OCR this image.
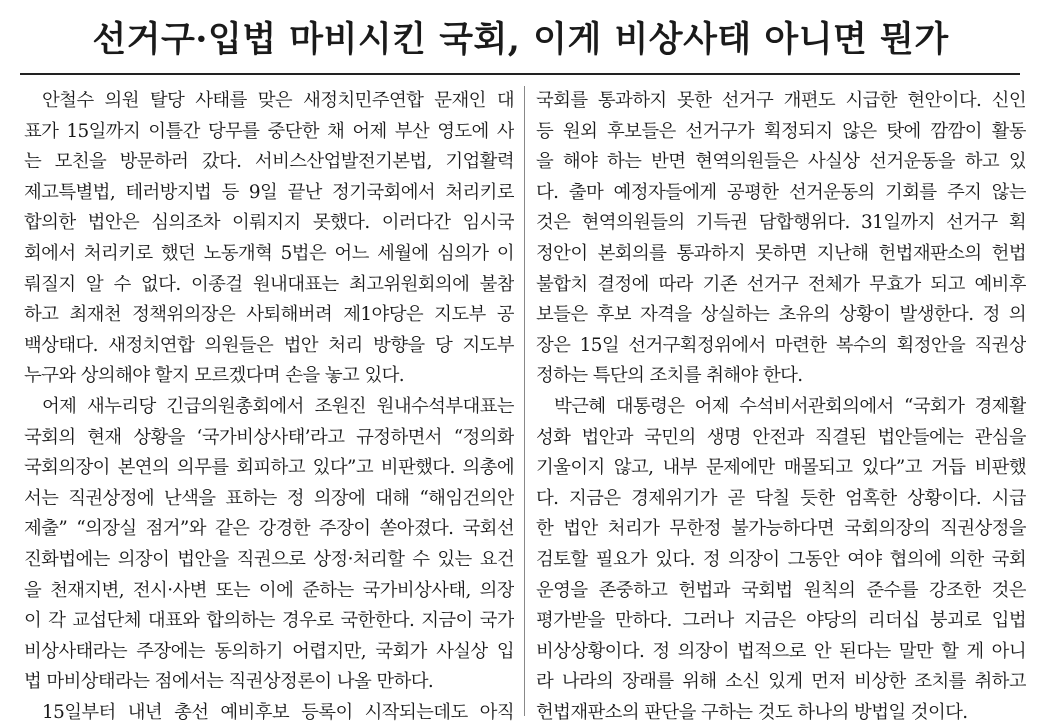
선거구·입법 마비시킨 국회, 이게 비상사태 아니면 뭔가
안철수 의원 탈당 사태를 맞은 새정치민주연합 문재인 대
표가 15일까지 이틀간 당무를 중단한 채 어제 부산 영도에 사
는 모친을 방문하러 갔다. 서비스산업발전기본법, 기업활력
제고특별법, 테러방지법 등 9일 끝난 정기국회에서 처리키로
합의한 법안은 심의조차 이뤄지지 못했다. 이러다간 임시국
회에서 처리키로 했던 노동개혁 5법은 어느 세월에 심의가 이
뤄질지 알 수 없다. 이종걸 원내대표는 최고위원회의에 불참
하고 최재천 정책위의장은 사퇴해버려 제1야당은 지도부 공
백상태다. 새정치연합 의원들은 법안 처리 방향을 당 지도부
누구와 상의해야 할지 모르겠다며 손을 놓고 있다.
어제 새누리당 긴급의원총회에서 조원진 원내수석부대표는
국회의 현재 상황을 ‘국가비상사태’라고 규정하면서 “정의화
국회의장이 본연의 의무를 회피하고 있다”고 비판했다. 의총에
서는 직권상정에 난색을 표하는 정 의장에 대해 “해임건의안
제출” “의장실 점거”와 같은 강경한 주장이 쏟아졌다. 국회선
진화법에는 의장이 법안을 직권으로 상정·처리할 수 있는 요건
을 천재지변, 전시·사변 또는 이에 준하는 국가비상사태, 의장
이 각 교섭단체 대표와 합의하는 경우로 국한한다. 지금이 국가
비상사태라는 주장에는 동의하기 어렵지만, 국회가 사실상 입
법 마비상태라는 점에서는 직권상정론이 나올 만하다.
15일부터 내년 총선 예비후보 등록이 시작되는데도 아직
국회를 통과하지 못한 선거구 개편도 시급한 현안이다. 신인
등 원외 후보들은 선거구가 획정되지 않은 탓에 깜깜이 활동
을 해야 하는 반면 현역의원들은 사실상 선거운동을 하고 있
다. 출마 예정자들에게 공평한 선거운동의 기회를 주지 않는
것은 현역의원들의 기득권 담합행위다. 31일까지 선거구 획
정안이 본회의를 통과하지 못하면 지난해 헌법재판소의 헌법
불합치 결정에 따라 기존 선거구 전체가 무효가 되고 예비후
보들은 후보 자격을 상실하는 초유의 상황이 발생한다. 정 의
장은 15일 선거구획정위에서 마련한 복수의 획정안을 직권상
정하는 특단의 조치를 취해야 한다.
박근혜 대통령은 어제 수석비서관회의에서 “국회가 경제활
성화 법안과 국민의 생명 안전과 직결된 법안들에는 관심을
기울이지 않고, 내부 문제에만 매몰되고 있다”고 거듭 비판했
다. 지금은 경제위기가 곧 닥칠 듯한 엄혹한 상황이다. 시급
한 법안 처리가 무한정 불가능하다면 국회의장의 직권상정을
검토할 필요가 있다. 정 의장이 그동안 여야 협의에 의한 국회
운영을 존중하고 헌법과 국회법 원칙의 준수를 강조한 것은
평가받을 만하다. 그러나 지금은 야당의 리더십 붕괴로 입법
비상상황이다. 정 의장이 법적으로 안 된다는 말만 할 게 아니
라 나라의 장래를 위해 소신 있게 먼저 비상한 조치를 취하고
헌법재판소의 판단을 구하는 것도 하나의 방법일 것이다.
